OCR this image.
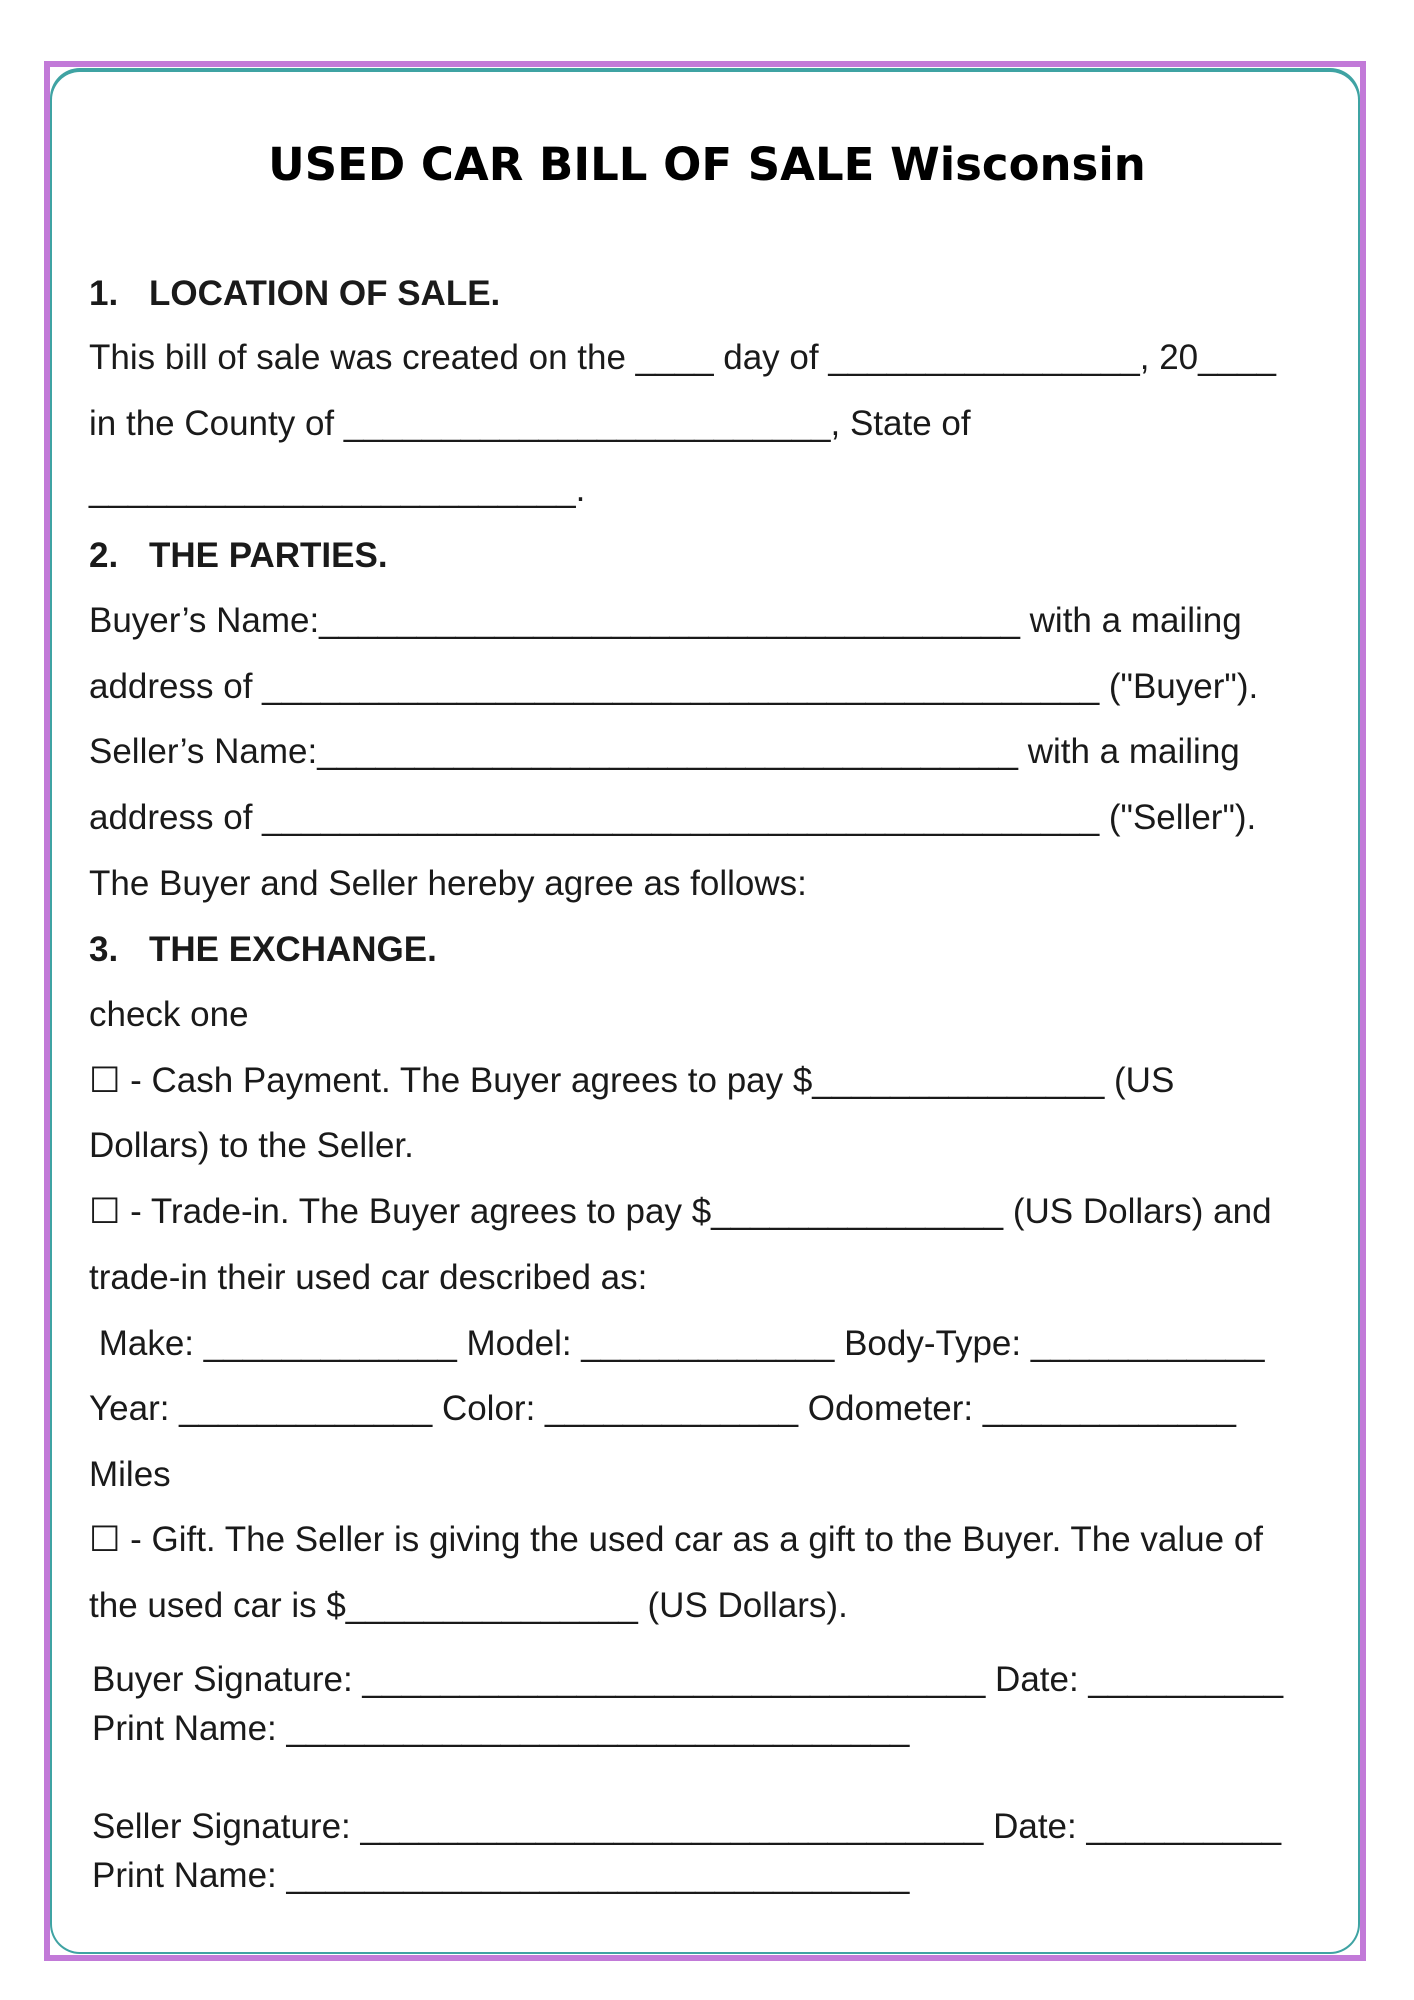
USED CAR BILL OF SALE Wisconsin
1. LOCATION OF SALE.
This bill of sale was created on the ____ day of ________________, 20____
in the County of _________________________, State of
_________________________.
2. THE PARTIES.
Buyer’s Name:____________________________________ with a mailing
address of ___________________________________________ ("Buyer").
Seller’s Name:____________________________________ with a mailing
address of ___________________________________________ ("Seller").
The Buyer and Seller hereby agree as follows:
3. THE EXCHANGE.
check one
☐ - Cash Payment. The Buyer agrees to pay $_______________ (US
Dollars) to the Seller.
☐ - Trade-in. The Buyer agrees to pay $_______________ (US Dollars) and
trade-in their used car described as:
Make: _____________ Model: _____________ Body-Type: ____________
Year: _____________ Color: _____________ Odometer: _____________
Miles
☐ - Gift. The Seller is giving the used car as a gift to the Buyer. The value of
the used car is $_______________ (US Dollars).
Buyer Signature: ________________________________ Date: __________
Print Name: ________________________________
Seller Signature: ________________________________ Date: __________
Print Name: ________________________________
